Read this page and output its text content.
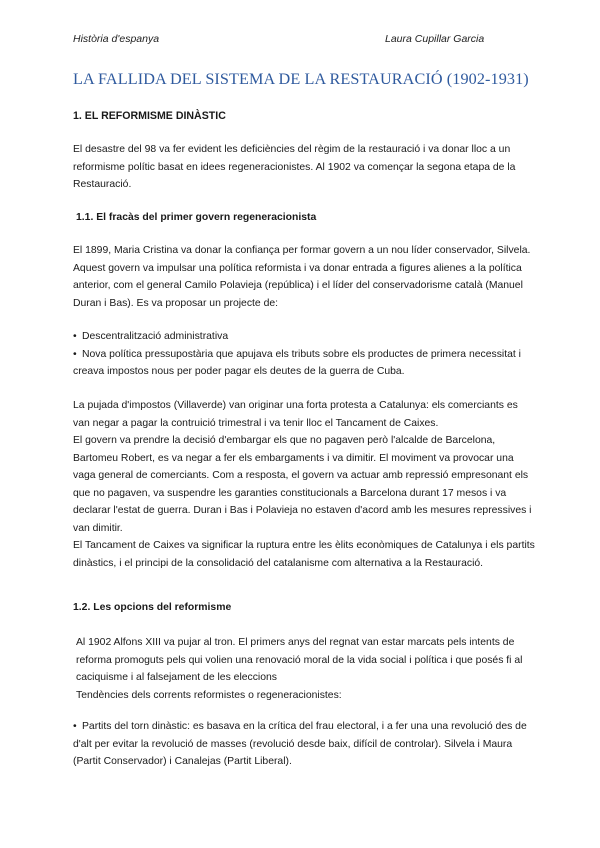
Història d'espanya	Laura Cupillar Garcia
LA FALLIDA DEL SISTEMA DE LA RESTAURACIÓ (1902-1931)

1. EL REFORMISME DINÀSTIC

El desastre del 98 va fer evident les deficiències del règim de la restauració i va donar lloc a un reformisme polític basat en idees regeneracionistes. Al 1902 va començar la segona etapa de la Restauració.

1.1. El fracàs del primer govern regeneracionista

El 1899, Maria Cristina va donar la confiança per formar govern a un nou líder conservador, Silvela. Aquest govern va impulsar una política reformista i va donar entrada a figures alienes a la política anterior, com el general Camilo Polavieja (república) i el líder del conservadorisme català (Manuel Duran i Bas). Es va proposar un projecte de:

• Descentralització administrativa

• Nova política pressupostària que apujava els tributs sobre els productes de primera necessitat i creava impostos nous per poder pagar els deutes de la guerra de Cuba.

La pujada d'impostos (Villaverde) van originar una forta protesta a Catalunya: els comerciants es van negar a pagar la contruició trimestral i va tenir lloc el Tancament de Caixes.

El govern va prendre la decisió d'embargar els que no pagaven però l'alcalde de Barcelona, Bartomeu Robert, es va negar a fer els embargaments i va dimitir. El moviment va provocar una vaga general de comerciants. Com a resposta, el govern va actuar amb repressió empresonant els que no pagaven, va suspendre les garanties constitucionals a Barcelona durant 17 mesos i va declarar l'estat de guerra. Duran i Bas i Polavieja no estaven d'acord amb les mesures repressives i van dimitir.

El Tancament de Caixes va significar la ruptura entre les èlits econòmiques de Catalunya i els partits dinàstics, i el principi de la consolidació del catalanisme com alternativa a la Restauració.

1.2. Les opcions del reformisme

Al 1902 Alfons XIII va pujar al tron. El primers anys del regnat van estar marcats pels intents de reforma promoguts pels qui volien una renovació moral de la vida social i política i que posés fi al caciquisme i al falsejament de les eleccions

Tendències dels corrents reformistes o regeneracionistes:

• Partits del torn dinàstic: es basava en la crítica del frau electoral, i a fer una una revolució des de d'alt per evitar la revolució de masses (revolució desde baix, difícil de controlar). Silvela i Maura (Partit Conservador) i Canalejas (Partit Liberal).
